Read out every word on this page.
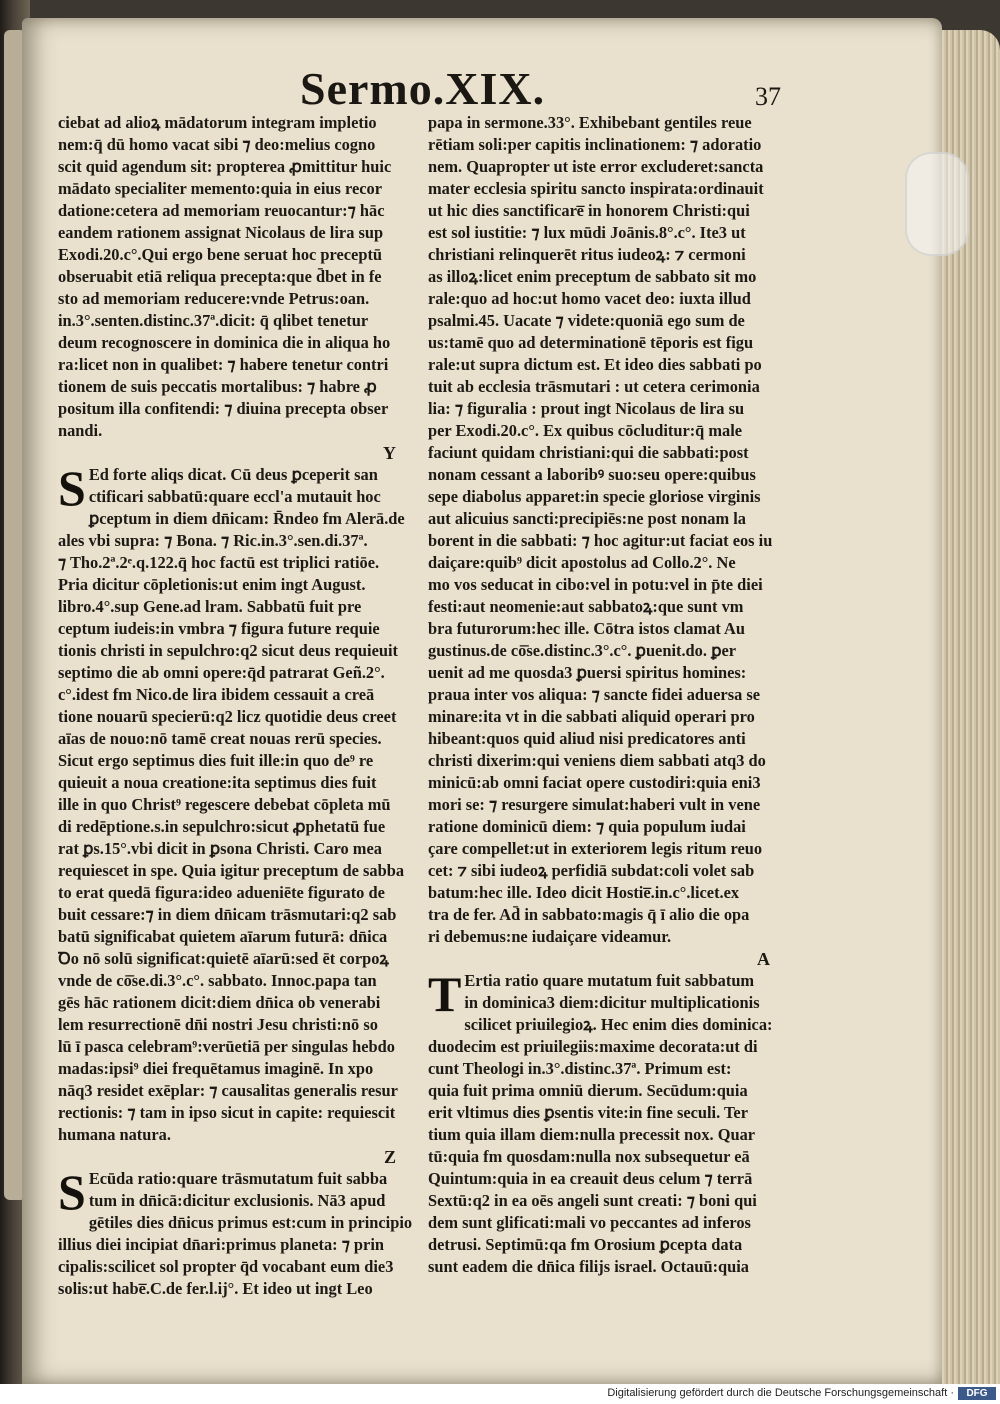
Sermo.XIX.	37
ciebat ad alioꝝ mādatorum integram impletio
nem:q̄ dū homo vacat sibi ⁊ deo:melius cogno
scit quid agendum sit: propterea ꝓmittitur huic
mādato specialiter memento:quia in eius recor
datione:cetera ad memoriam reuocantur:⁊ hāc
eandem rationem assignat Nicolaus de lira sup
Exodi.20.c°.Qui ergo bene seruat hoc preceptū
obseruabit etiā reliqua precepta:que d̄bet in fe
sto ad memoriam reducere:vnde Petrus:oan.
in.3°.senten.distinc.37ª.dicit: q̄ qlibet tenetur
deum recognoscere in dominica die in aliqua ho
ra:licet non in qualibet: ⁊ habere tenetur contri
tionem de suis peccatis mortalibus: ⁊ habre ꝓ
positum illa confitendi: ⁊ diuina precepta obser
nandi.
Y
S Ed forte aliqs dicat. Cū deus ꝑceperit san
ctificari sabbatū:quare eccl'a mutauit hoc
ꝑceptum in diem dn̄icam: R̄ndeo fm Alerā.de
ales vbi supra: ⁊ Bona. ⁊ Ric.in.3°.sen.di.37ª.
⁊ Tho.2ª.2ᵉ.q.122.q̄ hoc factū est triplici ratiōe.
Pria dicitur cōpletionis:ut enim ingt August.
libro.4°.sup Gene.ad lram. Sabbatū fuit pre
ceptum iudeis:in vmbra ⁊ figura future requie
tionis christi in sepulchro:q2 sicut deus requieuit
septimo die ab omni opere:q̄d patrarat Geñ.2°.
c°.idest fm Nico.de lira ibidem cessauit a creā
tione nouarū specierū:q2 licz quotidie deus creet
aīas de nouo:nō tamē creat nouas rerū species.
Sicut ergo septimus dies fuit ille:in quo de⁹ re
quieuit a noua creatione:ita septimus dies fuit
ille in quo Christ⁹ regescere debebat cōpleta mū
di redēptione.s.in sepulchro:sicut ꝓphetatū fue
rat ꝑs.15°.vbi dicit in ꝑsona Christi. Caro mea
requiescet in spe. Quia igitur preceptum de sabba
to erat quedā figura:ideo adueniēte figurato de
buit cessare:⁊ in diem dn̄icam trāsmutari:q2 sab
batū significabat quietem aīarum futurā: dn̄ica
Ꝺo nō solū significat:quietē aīarū:sed ēt corpoꝝ
vnde de cō̄se.di.3°.c°. sabbato. Innoc.papa tan
gēs hāc rationem dicit:diem dn̄ica ob venerabi
lem resurrectionē dn̄i nostri Jesu christi:nō so
lū ī pasca celebram⁹:verūetiā per singulas hebdo
madas:ipsi⁹ diei frequētamus imaginē. In xpo
nāq3 residet exēplar: ⁊ causalitas generalis resur
rectionis: ⁊ tam in ipso sicut in capite: requiescit
humana natura.
Z
S Ecūda ratio:quare trāsmutatum fuit sabba
tum in dn̄icā:dicitur exclusionis. Nā3 apud
gētiles dies dn̄icus primus est:cum in principio
illius diei incipiat dn̄ari:primus planeta: ⁊ prin
cipalis:scilicet sol propter q̄d vocabant eum die3
solis:ut habe̅.C.de fer.l.ij°. Et ideo ut ingt Leo
papa in sermone.33°. Exhibebant gentiles reue
rētiam soli:per capitis inclinationem: ⁊ adoratio
nem. Quapropter ut iste error excluderet:sancta
mater ecclesia spiritu sancto inspirata:ordinauit
ut hic dies sanctificare̅ in honorem Christi:qui
est sol iustitie: ⁊ lux mūdi Joānis.8°.c°. Ite3 ut
christiani relinquerēt ritus iudeoꝝ: ⁊ cermoni
as illoꝝ:licet enim preceptum de sabbato sit mo
rale:quo ad hoc:ut homo vacet deo: iuxta illud
psalmi.45. Uacate ⁊ videte:quoniā ego sum de
us:tamē quo ad determinationē tēporis est figu
rale:ut supra dictum est. Et ideo dies sabbati po
tuit ab ecclesia trāsmutari : ut cetera cerimonia
lia: ⁊ figuralia : prout ingt Nicolaus de lira su
per Exodi.20.c°. Ex quibus cōcluditur:q̄ male
faciunt quidam christiani:qui die sabbati:post
nonam cessant a laboribꝰ suo:seu opere:quibus
sepe diabolus apparet:in specie gloriose virginis
aut alicuius sancti:precipiēs:ne post nonam la
borent in die sabbati: ⁊ hoc agitur:ut faciat eos iu
daiçare:quib⁹ dicit apostolus ad Collo.2°. Ne
mo vos seducat in cibo:vel in potu:vel in p̄te diei
festi:aut neomenie:aut sabbatoꝝ:que sunt vm
bra futurorum:hec ille. Cōtra istos clamat Au
gustinus.de cō̄se.distinc.3°.c°. ꝑuenit.do. ꝑer
uenit ad me quosda3 ꝑuersi spiritus homines:
praua inter vos aliqua: ⁊ sancte fidei aduersa se
minare:ita vt in die sabbati aliquid operari pro
hibeant:quos quid aliud nisi predicatores anti
christi dixerim:qui veniens diem sabbati atq3 do
minicū:ab omni faciat opere custodiri:quia eni3
mori se: ⁊ resurgere simulat:haberi vult in vene
ratione dominicū diem: ⁊ quia populum iudai
çare compellet:ut in exteriorem legis ritum reuo
cet: ⁊ sibi iudeoꝝ perfidiā subdat:coli volet sab
batum:hec ille. Ideo dicit Hostie̅.in.c°.licet.ex
tra de fer. Ad̄ in sabbato:magis q̄ ī alio die opa
ri debemus:ne iudaiçare videamur.
A
T Ertia ratio quare mutatum fuit sabbatum
in dominica3 diem:dicitur multiplicationis
scilicet priuilegioꝝ. Hec enim dies dominica:
duodecim est priuilegiis:maxime decorata:ut di
cunt Theologi in.3°.distinc.37ª. Primum est:
quia fuit prima omniū dierum. Secūdum:quia
erit vltimus dies ꝑsentis vite:in fine seculi. Ter
tium quia illam diem:nulla precessit nox. Quar
tū:quia fm quosdam:nulla nox subsequetur eā
Quintum:quia in ea creauit deus celum ⁊ terrā
Sextū:q2 in ea oēs angeli sunt creati: ⁊ boni qui
dem sunt glificati:mali vo peccantes ad inferos
detrusi. Septimū:qa fm Orosium ꝑcepta data
sunt eadem die dn̄ica filijs israel. Octauū:quia
Digitalisierung gefördert durch die Deutsche Forschungsgemeinschaft ·	DFG
